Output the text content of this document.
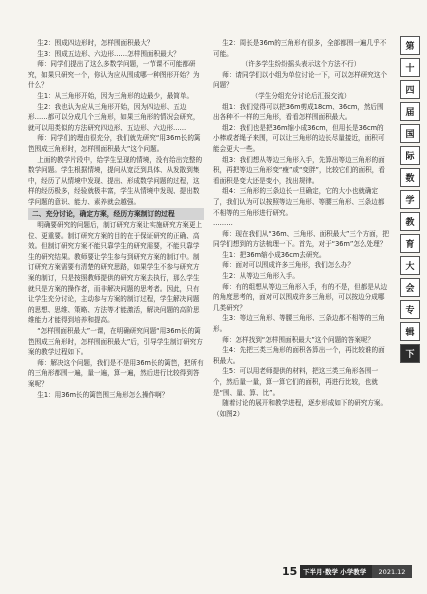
生2：围成四边形时，怎样围面积最大？

生3：围成五边形、六边形……怎样围面积最大？

师：同学们提出了这么多数学问题，一节课不可能都研究，如果只研究一个，你认为应从围成哪一种图形开始？为什么？

生1：从三角形开始，因为三角形的边最少，最简单。

生2：我也认为应从三角形开始，因为四边形、五边形……都可以分成几个三角形，如果三角形的情况会研究，就可以用类似的方法研究四边形、五边形、六边形……

师：同学们的理由很充分，我们就先研究“用36m长的篱笆围成三角形时，怎样围面积最大”这个问题。

上面的教学片段中，给学生呈现的情境，没有给出完整的数学问题。学生根据情境，提问从宽泛到具体、从发散到集中，经历了从情境中发现、提出、形成数学问题的过程，这样的经历极多，经验就极丰富，学生从情境中发现、提出数学问题的意识、能力、素养就会越强。

二、充分讨论，确定方案，经历方案制订的过程

明确要研究的问题后，制订研究方案让实施研究方案更上位、更重要。制订研究方案的目的在于保证研究的正确、高效。但制订研究方案不能只靠学生的研究需要，不能只靠学生的研究结果。教师要让学生参与到研究方案的制订中。制订研究方案需要有清楚的研究思路，如果学生不参与研究方案的制订，只是按照教师提供的研究方案去执行，那么学生就只是方案的操作者，而非解决问题的思考者。因此，只有让学生充分讨论，主动参与方案的制订过程，学生解决问题的思想、思维、策略、方法等才能激活，解决问题的高阶思维能力才能得到培养和提高。

“怎样围面积最大”一课，在明确研究问题“用36m长的篱笆围成三角形时，怎样围面积最大”后，引导学生制订研究方案的教学过程如下。

师：解决这个问题，我们是不是用36m长的篱笆，把所有的三角形都围一遍，量一遍，算一遍，然后进行比较得到答案呢？

生1：用36m长的篱笆围三角形怎么操作啊？

生2：周长是36m的三角形有很多，全部都围一遍几乎不可能。

（许多学生纷纷摇头表示这个方法不行）

师：请同学们以小组为单位讨论一下，可以怎样研究这个问题？

（学生分组充分讨论后汇报交流）

组1：我们觉得可以把36m剪成18cm、36cm，然后围出各种不一样的三角形，看看怎样围面积最大。

组2：我们也是把36m缩小成36cm，但用长是36cm的小棒或者绳子来围，可以让三角形的边长尽量接近，面积可能会更大一些。

组3：我们想从等边三角形入手，先算出等边三角形的面积，再把等边三角形变“瘦”或“变胖”，比较它们的面积，看看面积是变大还是变小，找出规律。

组4：三角形的三条边长一旦确定，它的大小也就确定了，我们认为可以按照等边三角形、等腰三角形、三条边都不相等的三角形进行研究。

………

师：现在我们从“36m、三角形、面积最大”三个方面，把同学们想到的方法梳理一下。首先，对于“36m”怎么处理？

生1：把36m缩小成36cm去研究。

师：面对可以围成许多三角形，我们怎么办？

生2：从等边三角形入手。

师：有的组想从等边三角形入手，有的不是，但都是从边的角度思考的，面对可以围成许多三角形，可以按边分成哪几类研究？

生3：等边三角形、等腰三角形、三条边都不相等的三角形。

师：怎样找到“怎样围面积最大”这个问题的答案呢？

生4：先把三类三角形的面积各算出一个，再比较谁的面积最大。

生5：可以用老师提供的材料，把这三类三角形各围一个，然后量一量，算一算它们的面积，再进行比较，也就是“围、量、算、比”。

随着讨论的展开和教学进程，逐步形成如下的研究方案。（如图2）

第
十
四
届
国
际
数
学
教
育
大
会
专
辑
下
15 下半月·数学 小学教学	2021.12
